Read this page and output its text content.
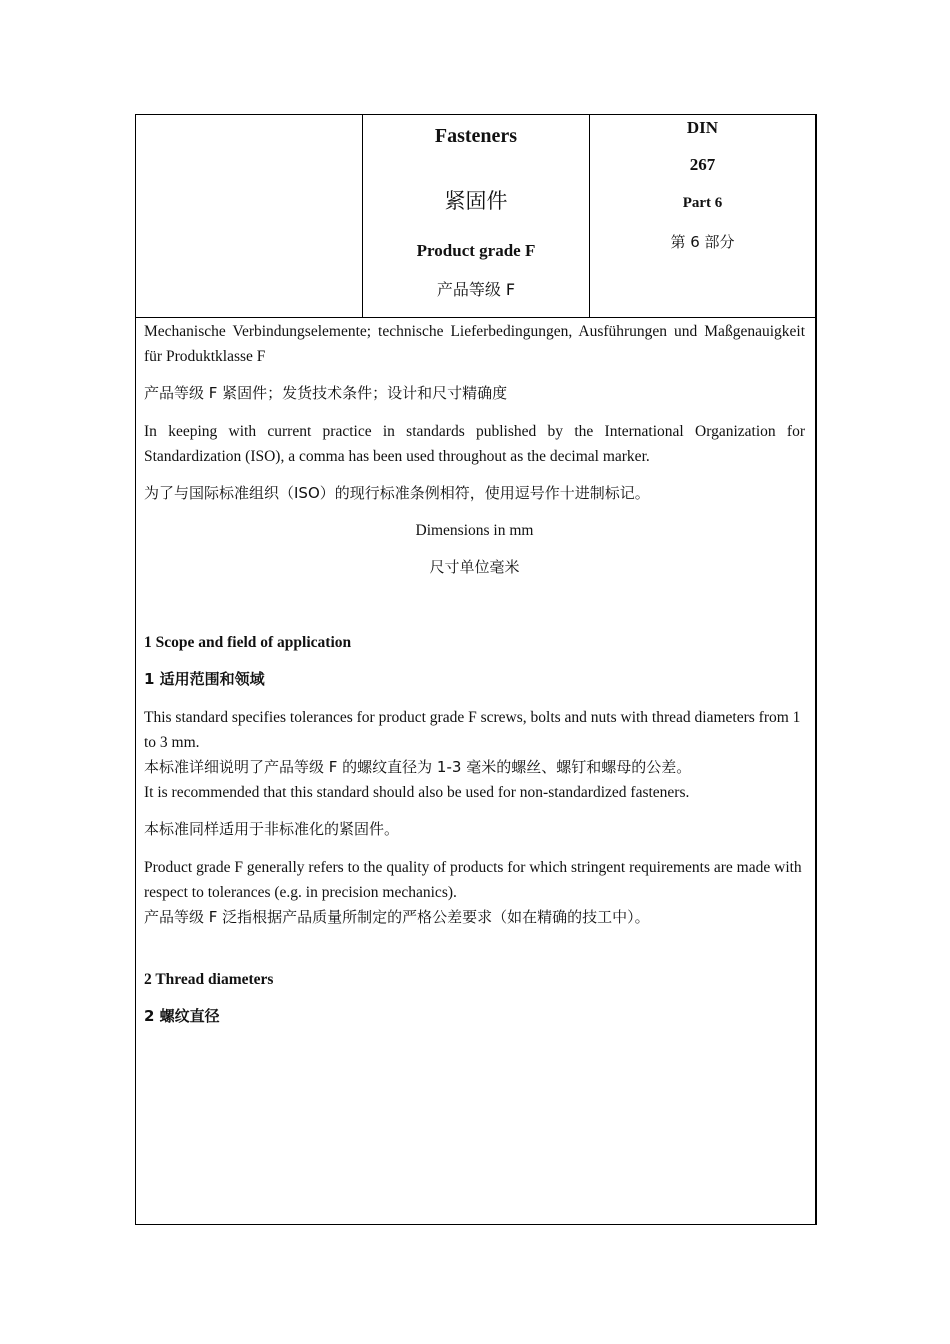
Fasteners
紧固件
Product grade F
产品等级 F
DIN
267
Part 6
第 6 部分
Mechanische Verbindungselemente; technische Lieferbedingungen, Ausführungen und Maßgenauigkeit für Produktklasse F
产品等级 F 紧固件；发货技术条件；设计和尺寸精确度
In keeping with current practice in standards published by the International Organization for Standardization (ISO), a comma has been used throughout as the decimal marker.
为了与国际标准组织（ISO）的现行标准条例相符，使用逗号作十进制标记。
Dimensions in mm
尺寸单位毫米
1 Scope and field of application
1 适用范围和领域
This standard specifies tolerances for product grade F screws, bolts and nuts with thread diameters from 1 to 3 mm.
本标准详细说明了产品等级 F 的螺纹直径为 1-3 毫米的螺丝、螺钉和螺母的公差。
It is recommended that this standard should also be used for non-standardized fasteners.
本标准同样适用于非标准化的紧固件。
Product grade F generally refers to the quality of products for which stringent requirements are made with respect to tolerances (e.g. in precision mechanics).
产品等级 F 泛指根据产品质量所制定的严格公差要求（如在精确的技工中）。
2 Thread diameters
2 螺纹直径
